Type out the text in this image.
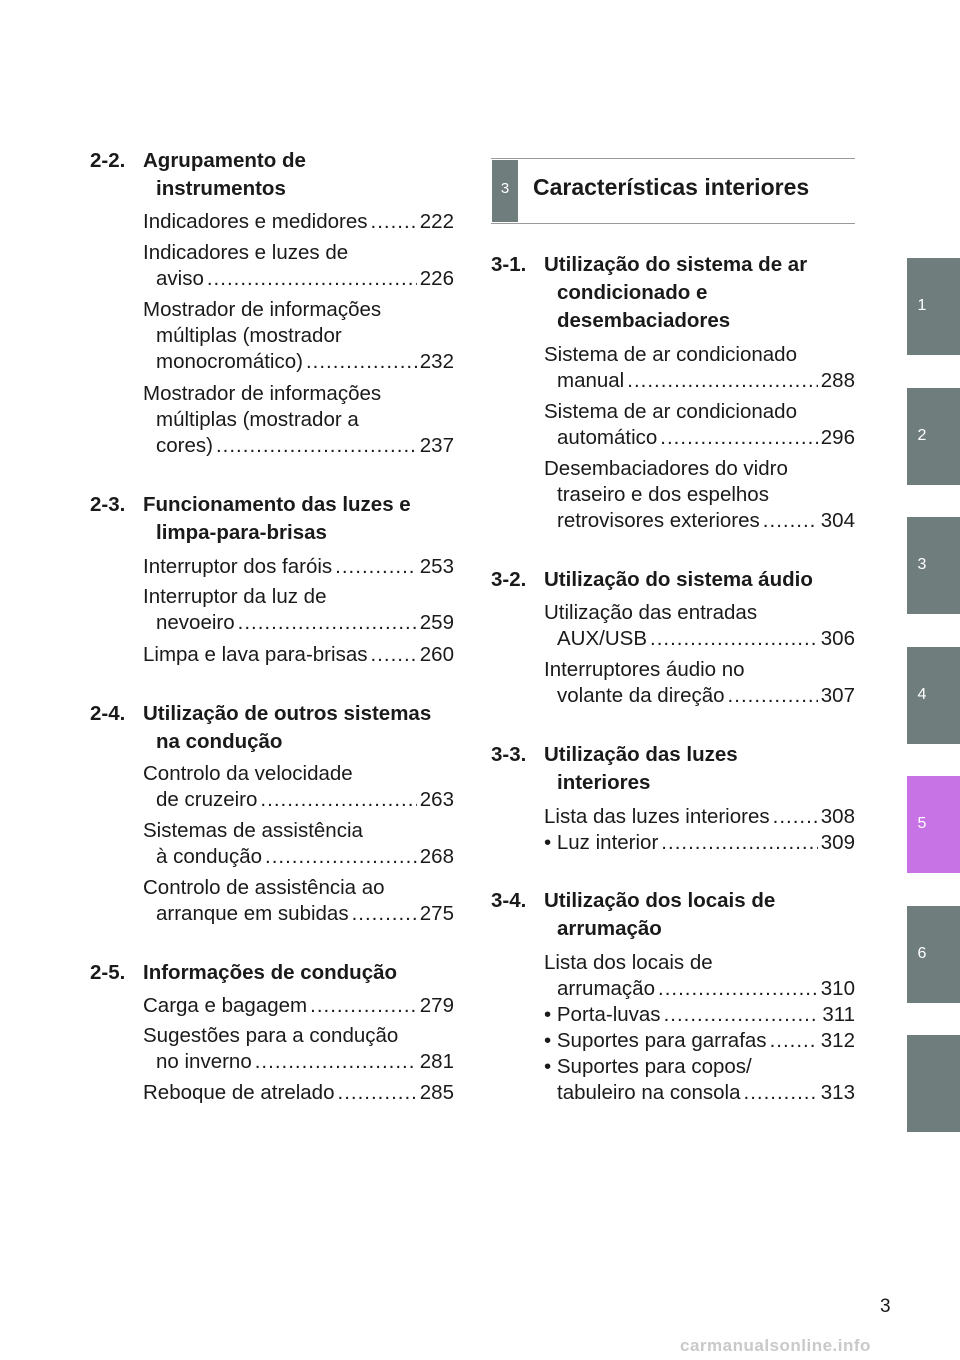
2-2. Agrupamento de
instrumentos
Indicadores e medidores .....	222
Indicadores e luzes de
aviso .....	226
Mostrador de informações
múltiplas (mostrador
monocromático) .....	232
Mostrador de informações
múltiplas (mostrador a
cores) .....	237
2-3. Funcionamento das luzes e
limpa-para-brisas
Interruptor dos faróis .....	253
Interruptor da luz de
nevoeiro .....	259
Limpa e lava para-brisas .....	260
2-4. Utilização de outros sistemas
na condução
Controlo da velocidade
de cruzeiro .....	263
Sistemas de assistência
à condução .....	268
Controlo de assistência ao
arranque em subidas .....	275
2-5. Informações de condução
Carga e bagagem .....	279
Sugestões para a condução
no inverno .....	281
Reboque de atrelado .....	285
3	Características interiores
3-1. Utilização do sistema de ar
condicionado e
desembaciadores
Sistema de ar condicionado
manual .....	288
Sistema de ar condicionado
automático .....	296
Desembaciadores do vidro
traseiro e dos espelhos
retrovisores exteriores .....	304
3-2. Utilização do sistema áudio
Utilização das entradas
AUX/USB .....	306
Interruptores áudio no
volante da direção .....	307
3-3. Utilização das luzes
interiores
Lista das luzes interiores ..... 308
• Luz interior .....	309
3-4. Utilização dos locais de
arrumação
Lista dos locais de
arrumação .....	310
• Porta-luvas .....	311
• Suportes para garrafas .....	312
• Suportes para copos/
tabuleiro na consola .....	313
1
2
3
4
5
6
3
carmanualsonline.info
